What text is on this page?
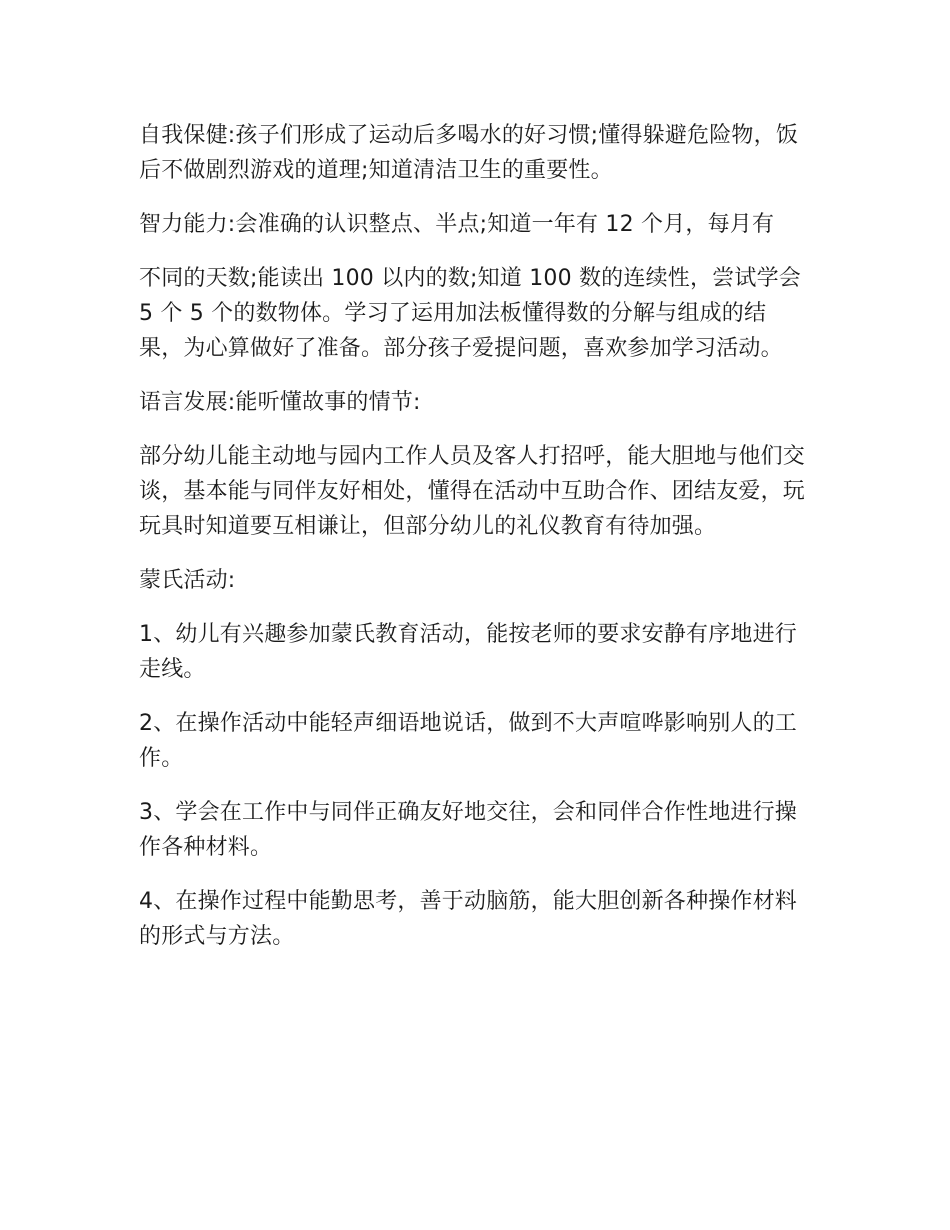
自我保健:孩子们形成了运动后多喝水的好习惯;懂得躲避危险物，饭后不做剧烈游戏的道理;知道清洁卫生的重要性。

智力能力:会准确的认识整点、半点;知道一年有 12 个月，每月有

不同的天数;能读出 100 以内的数;知道 100 数的连续性，尝试学会 5 个 5 个的数物体。学习了运用加法板懂得数的分解与组成的结果，为心算做好了准备。部分孩子爱提问题，喜欢参加学习活动。

语言发展:能听懂故事的情节:

部分幼儿能主动地与园内工作人员及客人打招呼，能大胆地与他们交谈，基本能与同伴友好相处，懂得在活动中互助合作、团结友爱，玩玩具时知道要互相谦让，但部分幼儿的礼仪教育有待加强。

蒙氏活动:

1、幼儿有兴趣参加蒙氏教育活动，能按老师的要求安静有序地进行走线。

2、在操作活动中能轻声细语地说话，做到不大声喧哗影响别人的工作。

3、学会在工作中与同伴正确友好地交往，会和同伴合作性地进行操作各种材料。

4、在操作过程中能勤思考，善于动脑筋，能大胆创新各种操作材料的形式与方法。
